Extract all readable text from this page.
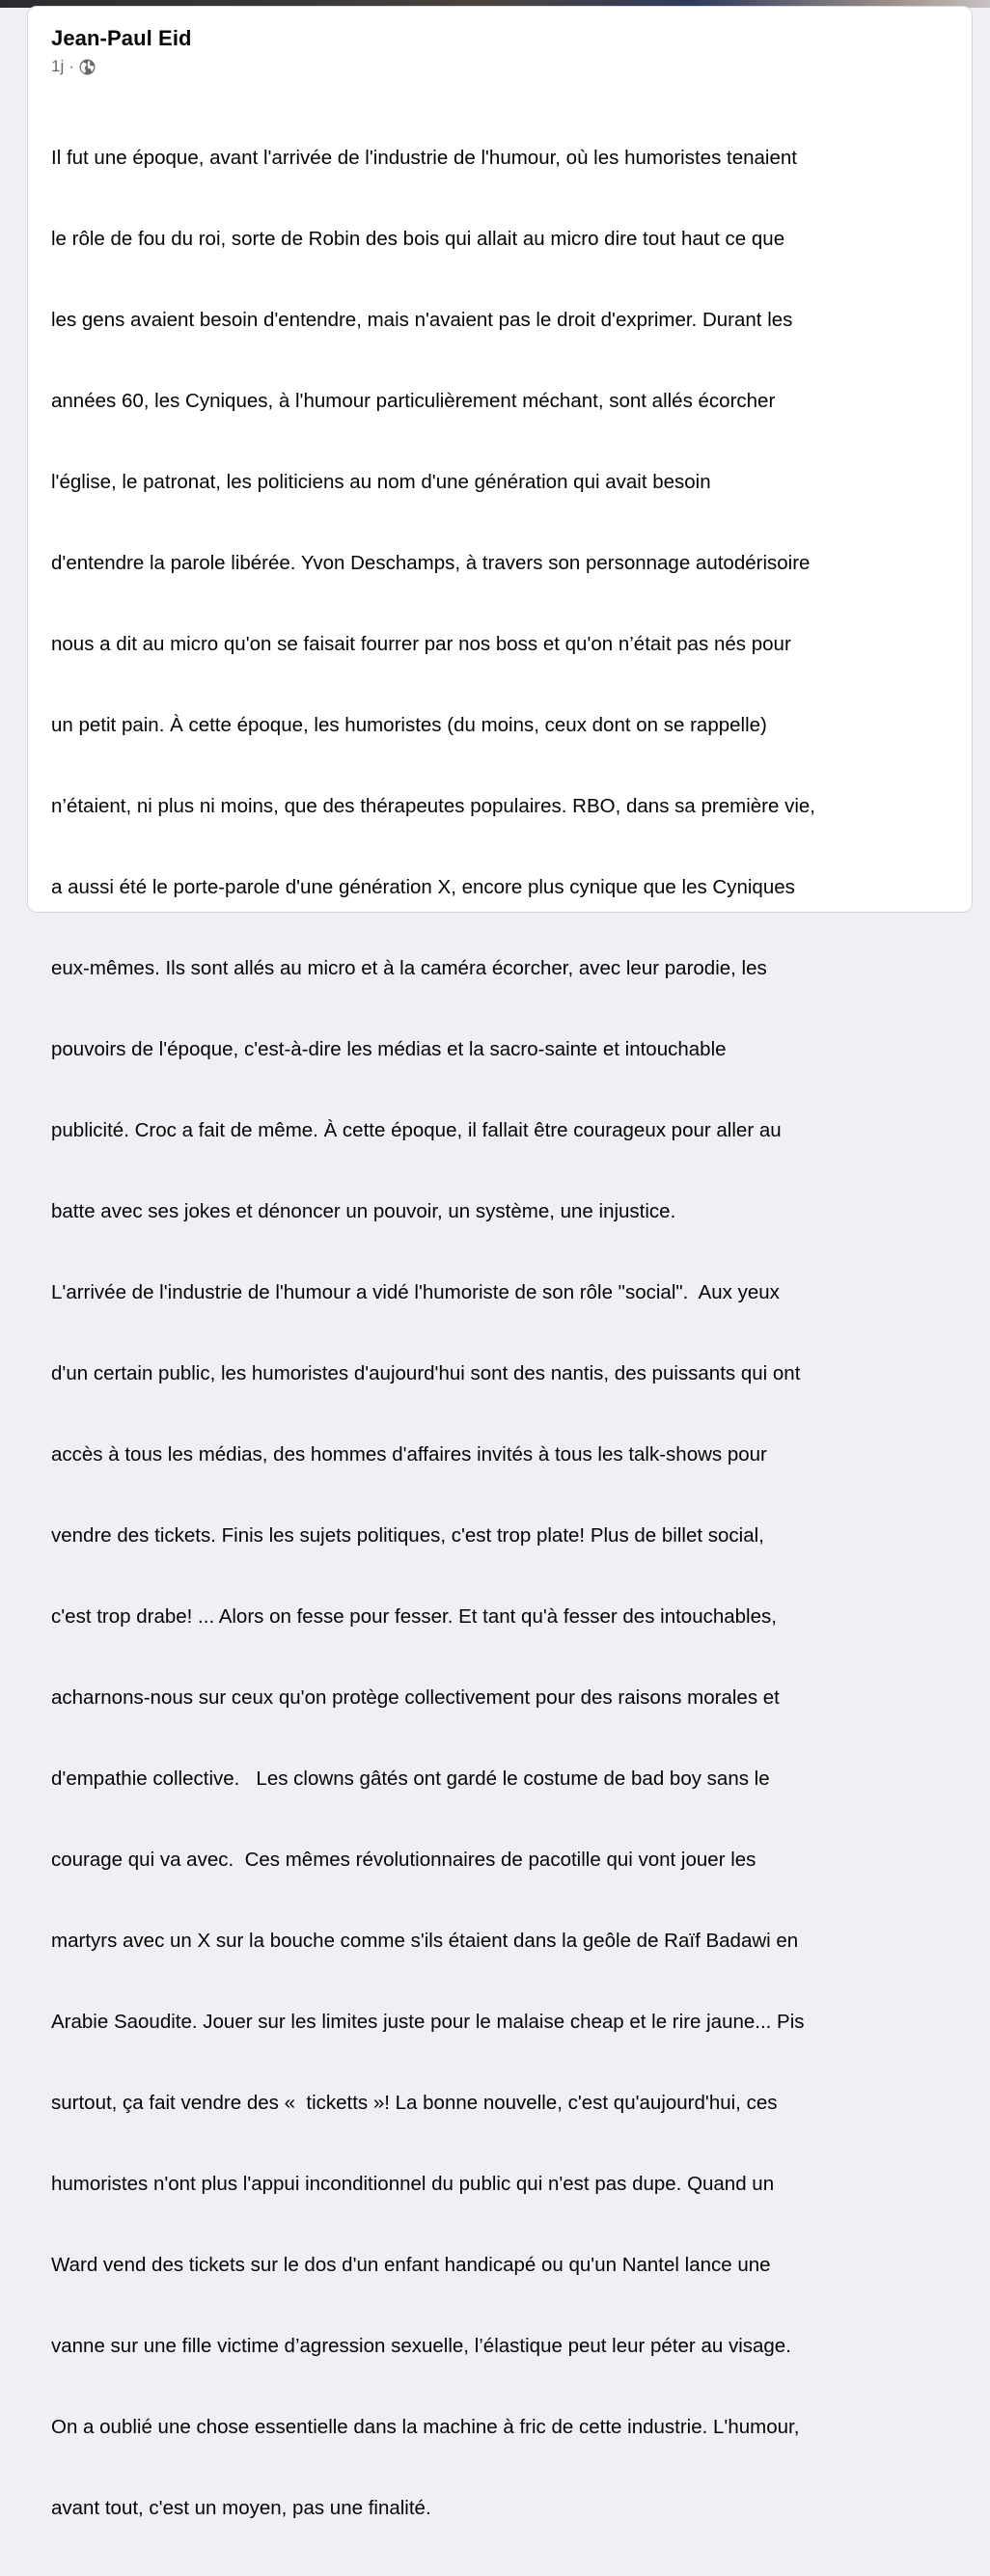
Jean-Paul Eid
1j ·

Il fut une époque, avant l'arrivée de l'industrie de l'humour, où les humoristes tenaient

le rôle de fou du roi, sorte de Robin des bois qui allait au micro dire tout haut ce que

les gens avaient besoin d'entendre, mais n'avaient pas le droit d'exprimer. Durant les

années 60, les Cyniques, à l'humour particulièrement méchant, sont allés écorcher

l'église, le patronat, les politiciens au nom d'une génération qui avait besoin

d'entendre la parole libérée. Yvon Deschamps, à travers son personnage autodérisoire

nous a dit au micro qu'on se faisait fourrer par nos boss et qu'on n’était pas nés pour

un petit pain. À cette époque, les humoristes (du moins, ceux dont on se rappelle)

n’étaient, ni plus ni moins, que des thérapeutes populaires. RBO, dans sa première vie,

a aussi été le porte-parole d'une génération X, encore plus cynique que les Cyniques

eux-mêmes. Ils sont allés au micro et à la caméra écorcher, avec leur parodie, les

pouvoirs de l'époque, c'est-à-dire les médias et la sacro-sainte et intouchable

publicité. Croc a fait de même. À cette époque, il fallait être courageux pour aller au

batte avec ses jokes et dénoncer un pouvoir, un système, une injustice.

L'arrivée de l'industrie de l'humour a vidé l'humoriste de son rôle "social".  Aux yeux

d'un certain public, les humoristes d'aujourd'hui sont des nantis, des puissants qui ont

accès à tous les médias, des hommes d'affaires invités à tous les talk-shows pour

vendre des tickets. Finis les sujets politiques, c'est trop plate! Plus de billet social,

c'est trop drabe! ... Alors on fesse pour fesser. Et tant qu'à fesser des intouchables,

acharnons-nous sur ceux qu'on protège collectivement pour des raisons morales et

d'empathie collective.   Les clowns gâtés ont gardé le costume de bad boy sans le

courage qui va avec.  Ces mêmes révolutionnaires de pacotille qui vont jouer les

martyrs avec un X sur la bouche comme s'ils étaient dans la geôle de Raïf Badawi en

Arabie Saoudite. Jouer sur les limites juste pour le malaise cheap et le rire jaune... Pis

surtout, ça fait vendre des «  ticketts »! La bonne nouvelle, c'est qu'aujourd'hui, ces

humoristes n'ont plus l'appui inconditionnel du public qui n'est pas dupe. Quand un

Ward vend des tickets sur le dos d'un enfant handicapé ou qu'un Nantel lance une

vanne sur une fille victime d’agression sexuelle, l’élastique peut leur péter au visage.

On a oublié une chose essentielle dans la machine à fric de cette industrie. L'humour,

avant tout, c'est un moyen, pas une finalité.
